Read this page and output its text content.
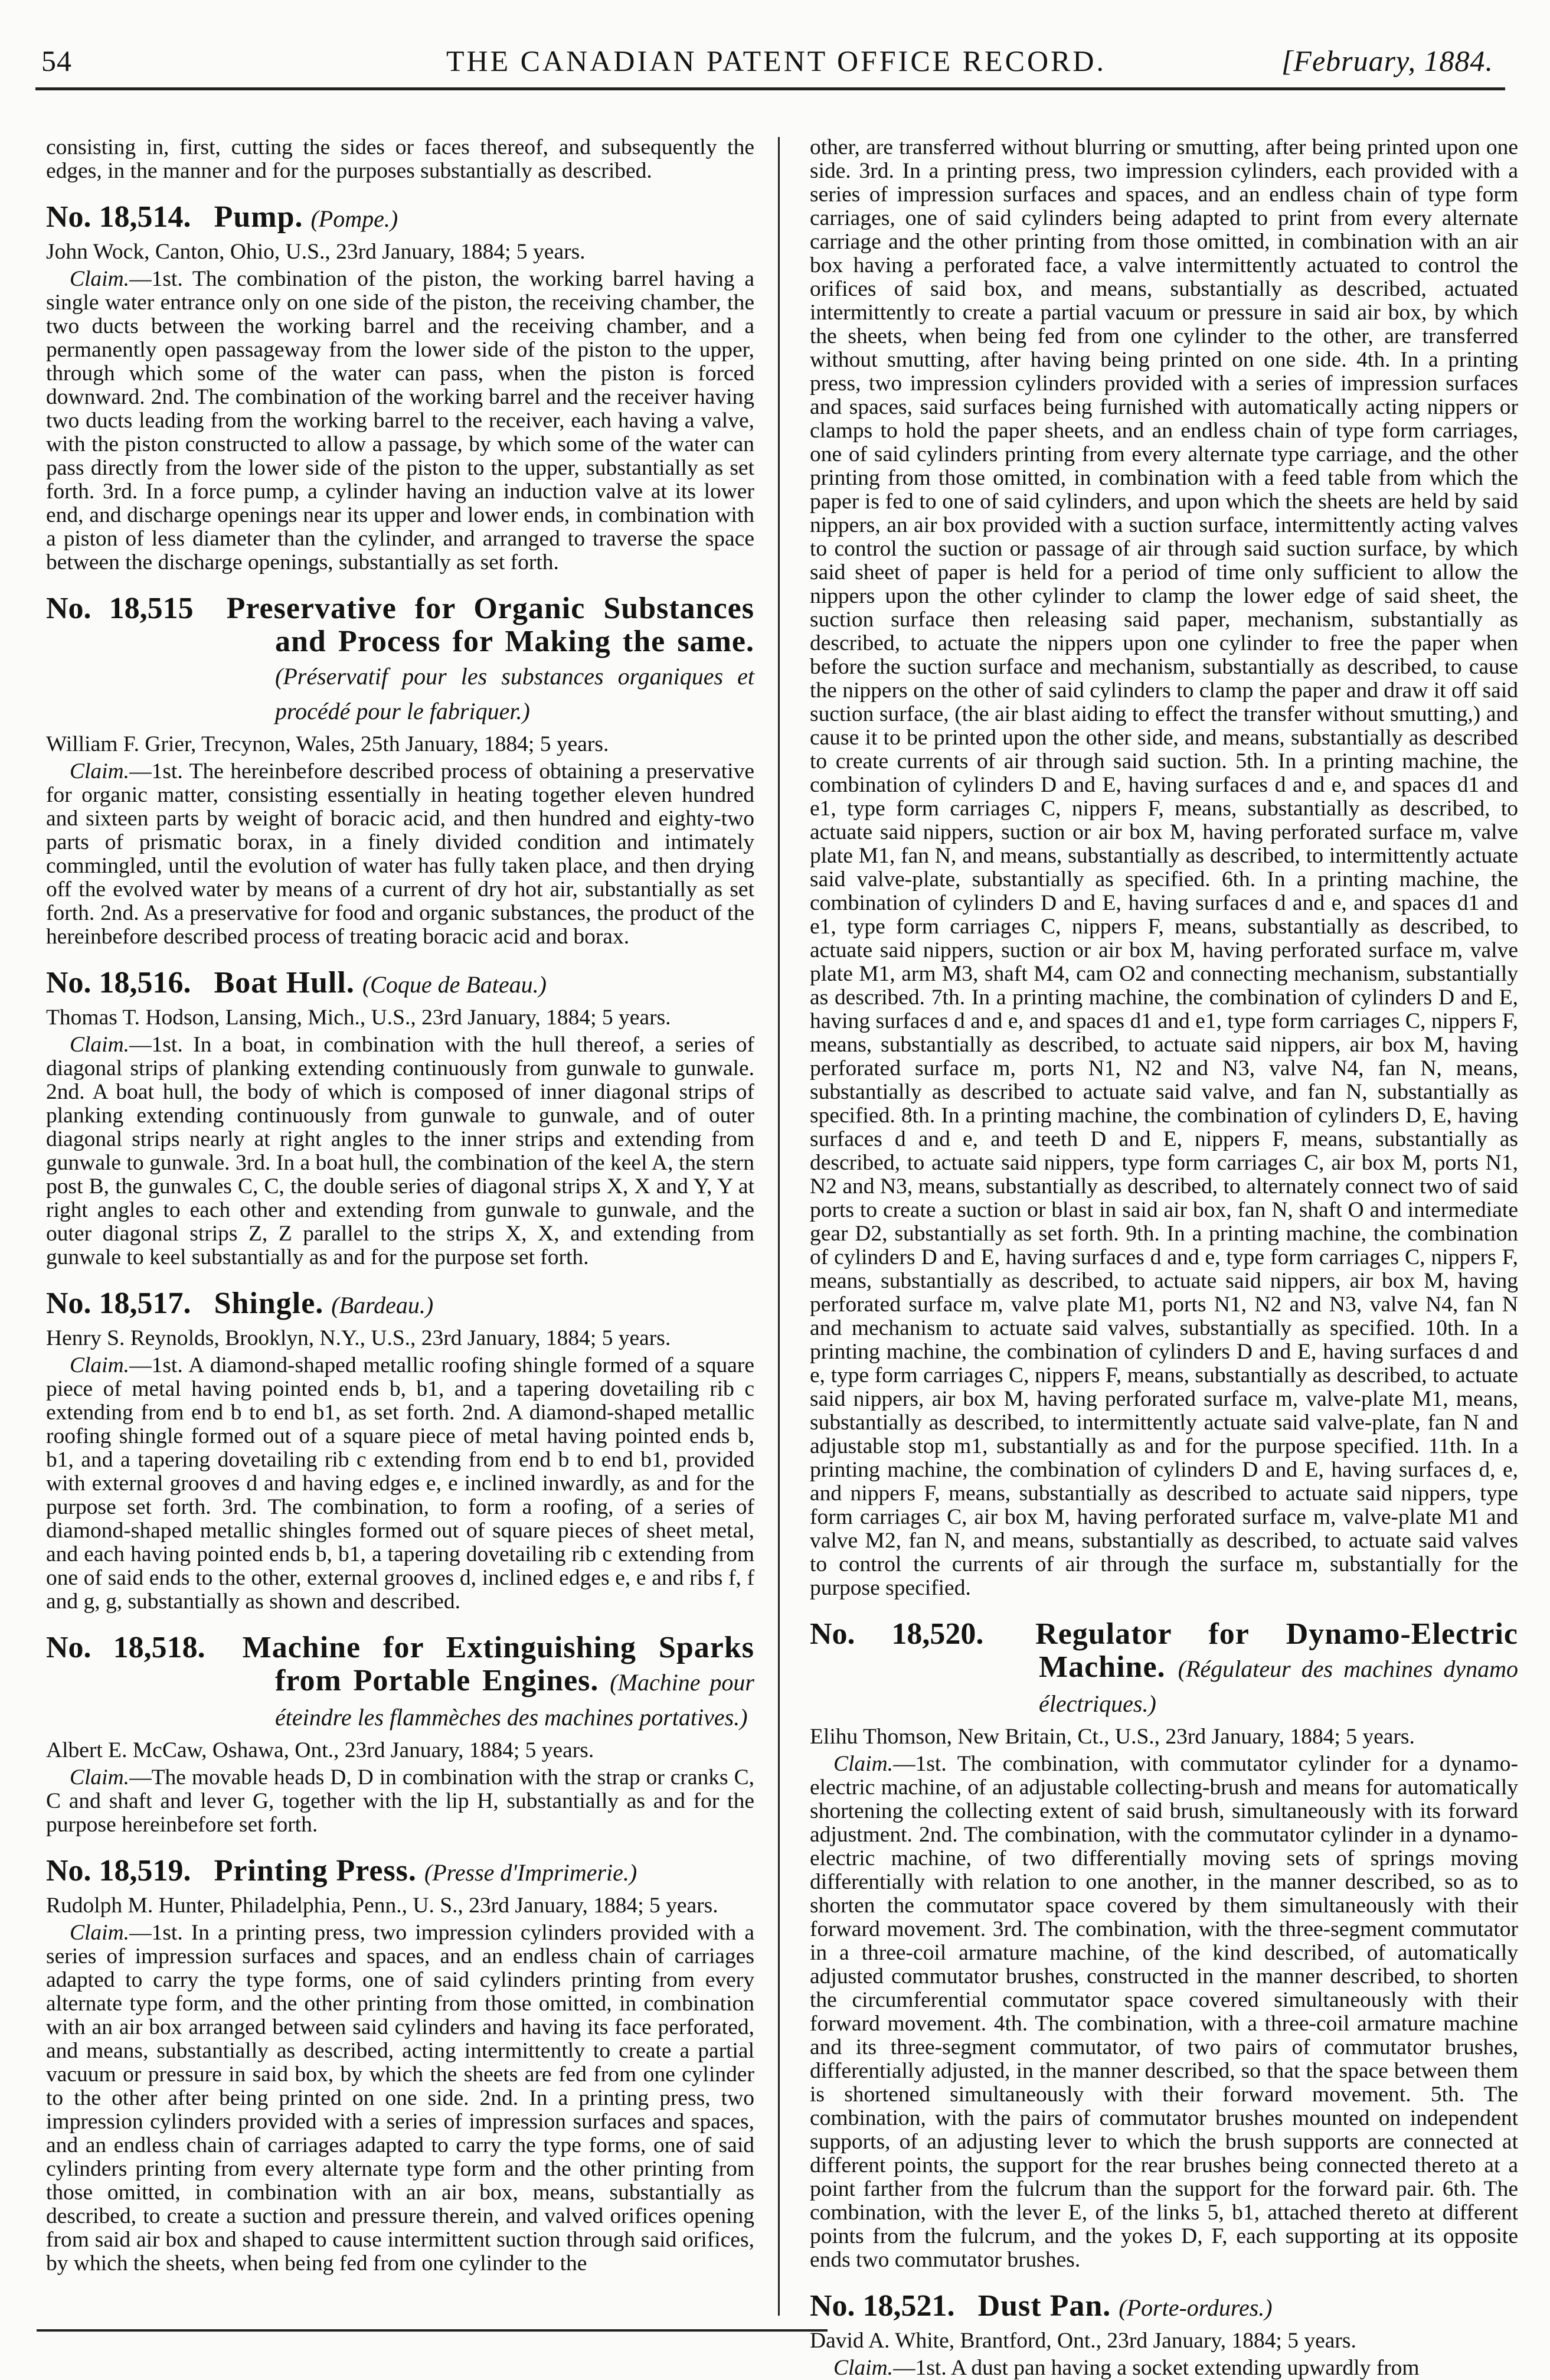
54	THE CANADIAN PATENT OFFICE RECORD.	[February, 1884.

consisting in, first, cutting the sides or faces thereof, and subsequently the edges, in the manner and for the purposes substantially as described.

No. 18,514. Pump. (Pompe.)

John Wock, Canton, Ohio, U.S., 23rd January, 1884; 5 years.

Claim.—1st. The combination of the piston, the working barrel having a single water entrance only on one side of the piston, the receiving chamber, the two ducts between the working barrel and the receiving chamber, and a permanently open passageway from the lower side of the piston to the upper, through which some of the water can pass, when the piston is forced downward. 2nd. The combination of the working barrel and the receiver having two ducts leading from the working barrel to the receiver, each having a valve, with the piston constructed to allow a passage, by which some of the water can pass directly from the lower side of the piston to the upper, substantially as set forth. 3rd. In a force pump, a cylinder having an induction valve at its lower end, and discharge openings near its upper and lower ends, in combination with a piston of less diameter than the cylinder, and arranged to traverse the space between the discharge openings, substantially as set forth.

No. 18,515 Preservative for Organic Substances and Process for Making the same. (Préservatif pour les substances organiques et procédé pour le fabriquer.)

William F. Grier, Trecynon, Wales, 25th January, 1884; 5 years.

Claim.—1st. The hereinbefore described process of obtaining a preservative for organic matter, consisting essentially in heating together eleven hundred and sixteen parts by weight of boracic acid, and then hundred and eighty-two parts of prismatic borax, in a finely divided condition and intimately commingled, until the evolution of water has fully taken place, and then drying off the evolved water by means of a current of dry hot air, substantially as set forth. 2nd. As a preservative for food and organic substances, the product of the hereinbefore described process of treating boracic acid and borax.

No. 18,516. Boat Hull. (Coque de Bateau.)

Thomas T. Hodson, Lansing, Mich., U.S., 23rd January, 1884; 5 years.

Claim.—1st. In a boat, in combination with the hull thereof, a series of diagonal strips of planking extending continuously from gunwale to gunwale. 2nd. A boat hull, the body of which is composed of inner diagonal strips of planking extending continuously from gunwale to gunwale, and of outer diagonal strips nearly at right angles to the inner strips and extending from gunwale to gunwale. 3rd. In a boat hull, the combination of the keel A, the stern post B, the gunwales C, C, the double series of diagonal strips X, X and Y, Y at right angles to each other and extending from gunwale to gunwale, and the outer diagonal strips Z, Z parallel to the strips X, X, and extending from gunwale to keel substantially as and for the purpose set forth.

No. 18,517. Shingle. (Bardeau.)

Henry S. Reynolds, Brooklyn, N.Y., U.S., 23rd January, 1884; 5 years.

Claim.—1st. A diamond-shaped metallic roofing shingle formed of a square piece of metal having pointed ends b, b1, and a tapering dovetailing rib c extending from end b to end b1, as set forth. 2nd. A diamond-shaped metallic roofing shingle formed out of a square piece of metal having pointed ends b, b1, and a tapering dovetailing rib c extending from end b to end b1, provided with external grooves d and having edges e, e inclined inwardly, as and for the purpose set forth. 3rd. The combination, to form a roofing, of a series of diamond-shaped metallic shingles formed out of square pieces of sheet metal, and each having pointed ends b, b1, a tapering dovetailing rib c extending from one of said ends to the other, external grooves d, inclined edges e, e and ribs f, f and g, g, substantially as shown and described.

No. 18,518. Machine for Extinguishing Sparks from Portable Engines. (Machine pour éteindre les flammèches des machines portatives.)

Albert E. McCaw, Oshawa, Ont., 23rd January, 1884; 5 years.

Claim.—The movable heads D, D in combination with the strap or cranks C, C and shaft and lever G, together with the lip H, substantially as and for the purpose hereinbefore set forth.

No. 18,519. Printing Press. (Presse d'Imprimerie.)

Rudolph M. Hunter, Philadelphia, Penn., U. S., 23rd January, 1884; 5 years.

Claim.—1st. In a printing press, two impression cylinders provided with a series of impression surfaces and spaces, and an endless chain of carriages adapted to carry the type forms, one of said cylinders printing from every alternate type form, and the other printing from those omitted, in combination with an air box arranged between said cylinders and having its face perforated, and means, substantially as described, acting intermittently to create a partial vacuum or pressure in said box, by which the sheets are fed from one cylinder to the other after being printed on one side. 2nd. In a printing press, two impression cylinders provided with a series of impression surfaces and spaces, and an endless chain of carriages adapted to carry the type forms, one of said cylinders printing from every alternate type form and the other printing from those omitted, in combination with an air box, means, substantially as described, to create a suction and pressure therein, and valved orifices opening from said air box and shaped to cause intermittent suction through said orifices, by which the sheets, when being fed from one cylinder to the

other, are transferred without blurring or smutting, after being printed upon one side. 3rd. In a printing press, two impression cylinders, each provided with a series of impression surfaces and spaces, and an endless chain of type form carriages, one of said cylinders being adapted to print from every alternate carriage and the other printing from those omitted, in combination with an air box having a perforated face, a valve intermittently actuated to control the orifices of said box, and means, substantially as described, actuated intermittently to create a partial vacuum or pressure in said air box, by which the sheets, when being fed from one cylinder to the other, are transferred without smutting, after having being printed on one side. 4th. In a printing press, two impression cylinders provided with a series of impression surfaces and spaces, said surfaces being furnished with automatically acting nippers or clamps to hold the paper sheets, and an endless chain of type form carriages, one of said cylinders printing from every alternate type carriage, and the other printing from those omitted, in combination with a feed table from which the paper is fed to one of said cylinders, and upon which the sheets are held by said nippers, an air box provided with a suction surface, intermittently acting valves to control the suction or passage of air through said suction surface, by which said sheet of paper is held for a period of time only sufficient to allow the nippers upon the other cylinder to clamp the lower edge of said sheet, the suction surface then releasing said paper, mechanism, substantially as described, to actuate the nippers upon one cylinder to free the paper when before the suction surface and mechanism, substantially as described, to cause the nippers on the other of said cylinders to clamp the paper and draw it off said suction surface, (the air blast aiding to effect the transfer without smutting,) and cause it to be printed upon the other side, and means, substantially as described to create currents of air through said suction. 5th. In a printing machine, the combination of cylinders D and E, having surfaces d and e, and spaces d1 and e1, type form carriages C, nippers F, means, substantially as described, to actuate said nippers, suction or air box M, having perforated surface m, valve plate M1, fan N, and means, substantially as described, to intermittently actuate said valve-plate, substantially as specified. 6th. In a printing machine, the combination of cylinders D and E, having surfaces d and e, and spaces d1 and e1, type form carriages C, nippers F, means, substantially as described, to actuate said nippers, suction or air box M, having perforated surface m, valve plate M1, arm M3, shaft M4, cam O2 and connecting mechanism, substantially as described. 7th. In a printing machine, the combination of cylinders D and E, having surfaces d and e, and spaces d1 and e1, type form carriages C, nippers F, means, substantially as described, to actuate said nippers, air box M, having perforated surface m, ports N1, N2 and N3, valve N4, fan N, means, substantially as described to actuate said valve, and fan N, substantially as specified. 8th. In a printing machine, the combination of cylinders D, E, having surfaces d and e, and teeth D and E, nippers F, means, substantially as described, to actuate said nippers, type form carriages C, air box M, ports N1, N2 and N3, means, substantially as described, to alternately connect two of said ports to create a suction or blast in said air box, fan N, shaft O and intermediate gear D2, substantially as set forth. 9th. In a printing machine, the combination of cylinders D and E, having surfaces d and e, type form carriages C, nippers F, means, substantially as described, to actuate said nippers, air box M, having perforated surface m, valve plate M1, ports N1, N2 and N3, valve N4, fan N and mechanism to actuate said valves, substantially as specified. 10th. In a printing machine, the combination of cylinders D and E, having surfaces d and e, type form carriages C, nippers F, means, substantially as described, to actuate said nippers, air box M, having perforated surface m, valve-plate M1, means, substantially as described, to intermittently actuate said valve-plate, fan N and adjustable stop m1, substantially as and for the purpose specified. 11th. In a printing machine, the combination of cylinders D and E, having surfaces d, e, and nippers F, means, substantially as described to actuate said nippers, type form carriages C, air box M, having perforated surface m, valve-plate M1 and valve M2, fan N, and means, substantially as described, to actuate said valves to control the currents of air through the surface m, substantially for the purpose specified.

No. 18,520. Regulator for Dynamo-Electric Machine. (Régulateur des machines dynamo électriques.)

Elihu Thomson, New Britain, Ct., U.S., 23rd January, 1884; 5 years.

Claim.—1st. The combination, with commutator cylinder for a dynamo-electric machine, of an adjustable collecting-brush and means for automatically shortening the collecting extent of said brush, simultaneously with its forward adjustment. 2nd. The combination, with the commutator cylinder in a dynamo-electric machine, of two differentially moving sets of springs moving differentially with relation to one another, in the manner described, so as to shorten the commutator space covered by them simultaneously with their forward movement. 3rd. The combination, with the three-segment commutator in a three-coil armature machine, of the kind described, of automatically adjusted commutator brushes, constructed in the manner described, to shorten the circumferential commutator space covered simultaneously with their forward movement. 4th. The combination, with a three-coil armature machine and its three-segment commutator, of two pairs of commutator brushes, differentially adjusted, in the manner described, so that the space between them is shortened simultaneously with their forward movement. 5th. The combination, with the pairs of commutator brushes mounted on independent supports, of an adjusting lever to which the brush supports are connected at different points, the support for the rear brushes being connected thereto at a point farther from the fulcrum than the support for the forward pair. 6th. The combination, with the lever E, of the links 5, b1, attached thereto at different points from the fulcrum, and the yokes D, F, each supporting at its opposite ends two commutator brushes.

No. 18,521. Dust Pan. (Porte-ordures.)

David A. White, Brantford, Ont., 23rd January, 1884; 5 years.

Claim.—1st. A dust pan having a socket extending upwardly from
